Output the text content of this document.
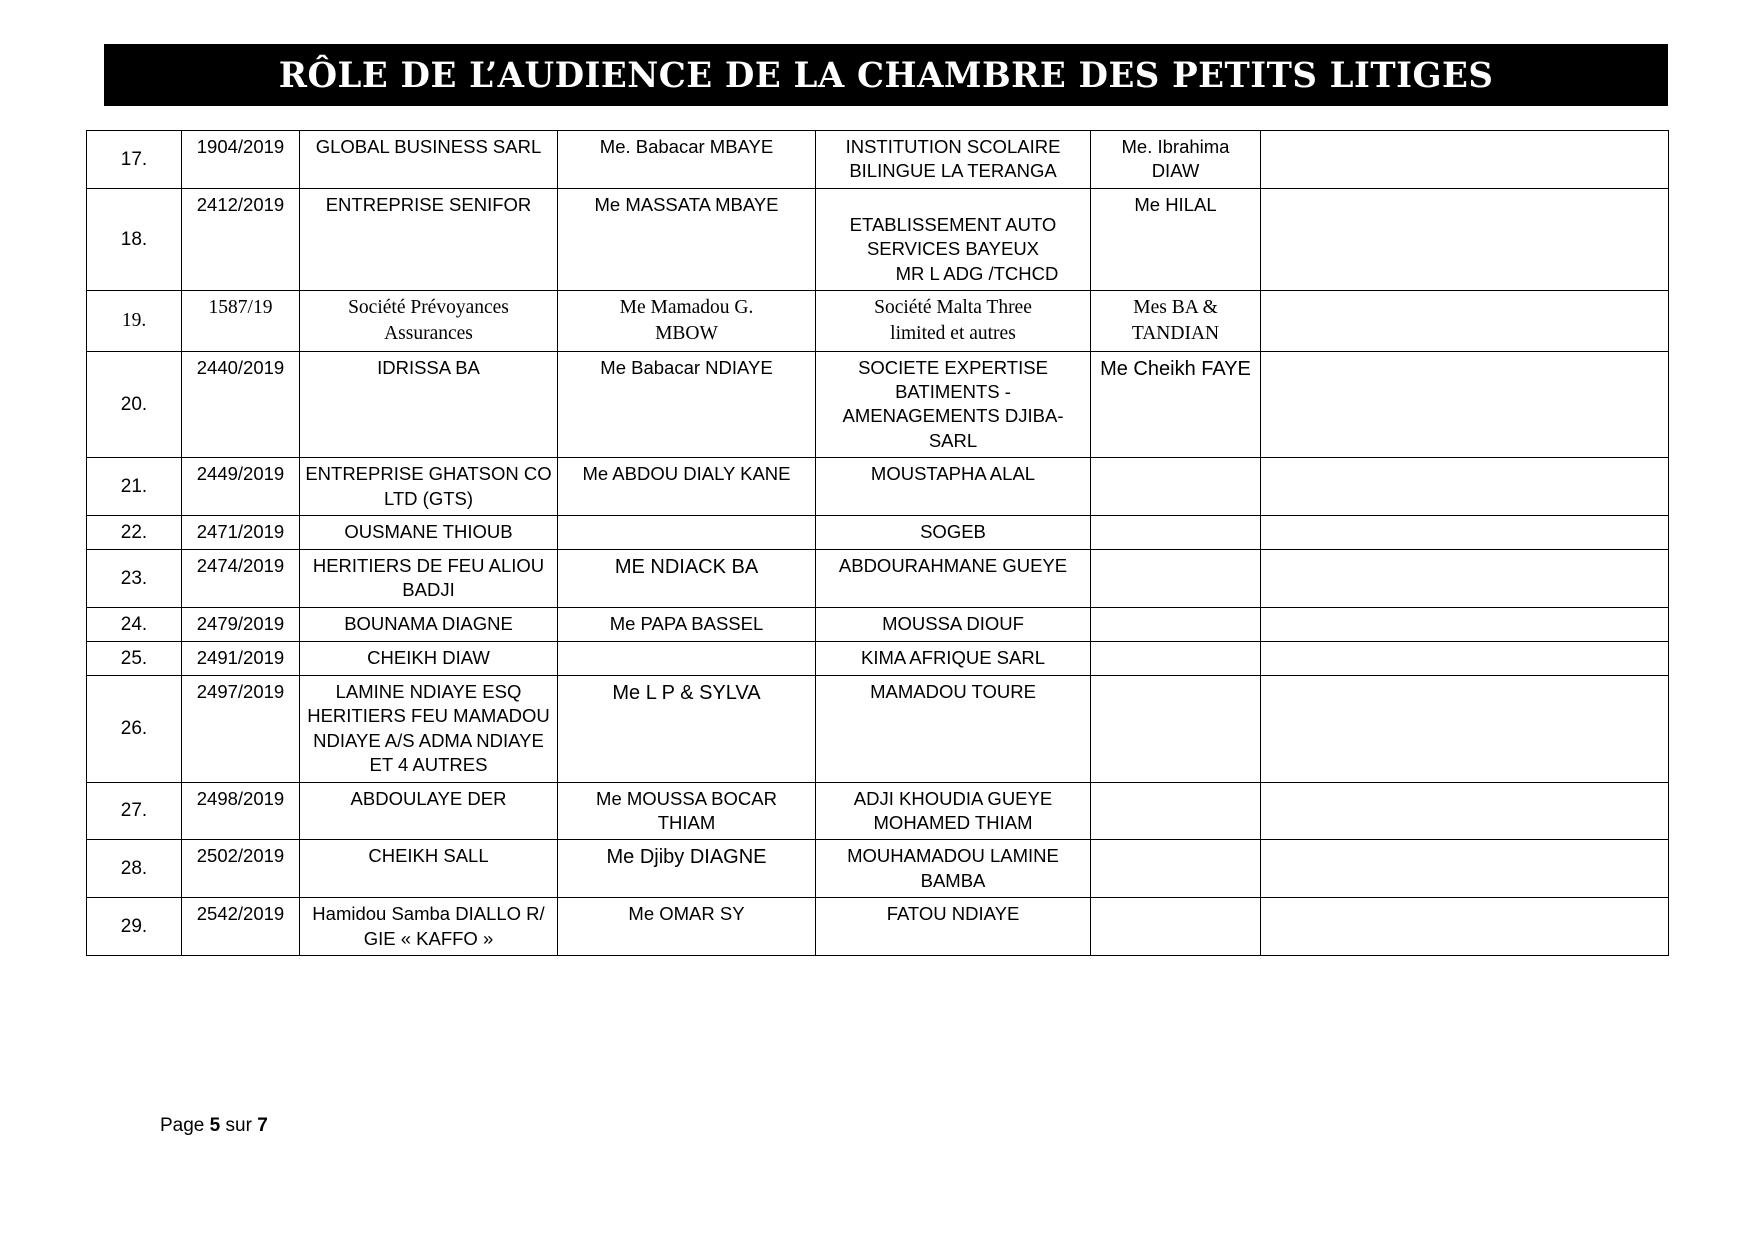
RÔLE DE L’AUDIENCE DE LA CHAMBRE DES PETITS LITIGES
17.	1904/2019	GLOBAL BUSINESS SARL	Me. Babacar MBAYE	INSTITUTION SCOLAIRE
BILINGUE LA TERANGA	Me. Ibrahima
DIAW	

18.	2412/2019	ENTREPRISE SENIFOR	Me MASSATA MBAYE	ETABLISSEMENT AUTO
SERVICES BAYEUX
MR L ADG /TCHCD	Me HILAL	

19.	1587/19	Société Prévoyances
Assurances	Me Mamadou G.
MBOW	Société Malta Three
limited et autres	Mes BA &
TANDIAN	

20.	2440/2019	IDRISSA BA	Me Babacar NDIAYE	SOCIETE EXPERTISE
BATIMENTS -
AMENAGEMENTS DJIBA-
SARL	Me Cheikh FAYE	

21.	2449/2019	ENTREPRISE GHATSON CO
LTD (GTS)	Me ABDOU DIALY KANE	MOUSTAPHA ALAL		

22.	2471/2019	OUSMANE THIOUB		SOGEB		
23.	2474/2019	HERITIERS DE FEU ALIOU
BADJI	ME NDIACK BA	ABDOURAHMANE GUEYE		
24.	2479/2019	BOUNAMA DIAGNE	Me PAPA BASSEL	MOUSSA DIOUF		
25.	2491/2019	CHEIKH DIAW		KIMA AFRIQUE SARL		
26.	2497/2019	LAMINE NDIAYE ESQ
HERITIERS FEU MAMADOU
NDIAYE A/S ADMA NDIAYE
ET 4 AUTRES	Me L P & SYLVA	MAMADOU TOURE		
27.	2498/2019	ABDOULAYE DER	Me MOUSSA BOCAR
THIAM	ADJI KHOUDIA GUEYE
MOHAMED THIAM		

28.	2502/2019	CHEIKH SALL	Me Djiby DIAGNE	MOUHAMADOU LAMINE
BAMBA		

29.	2542/2019	Hamidou Samba DIALLO R/
GIE « KAFFO »	Me OMAR SY	FATOU NDIAYE		
Page 5 sur 7
